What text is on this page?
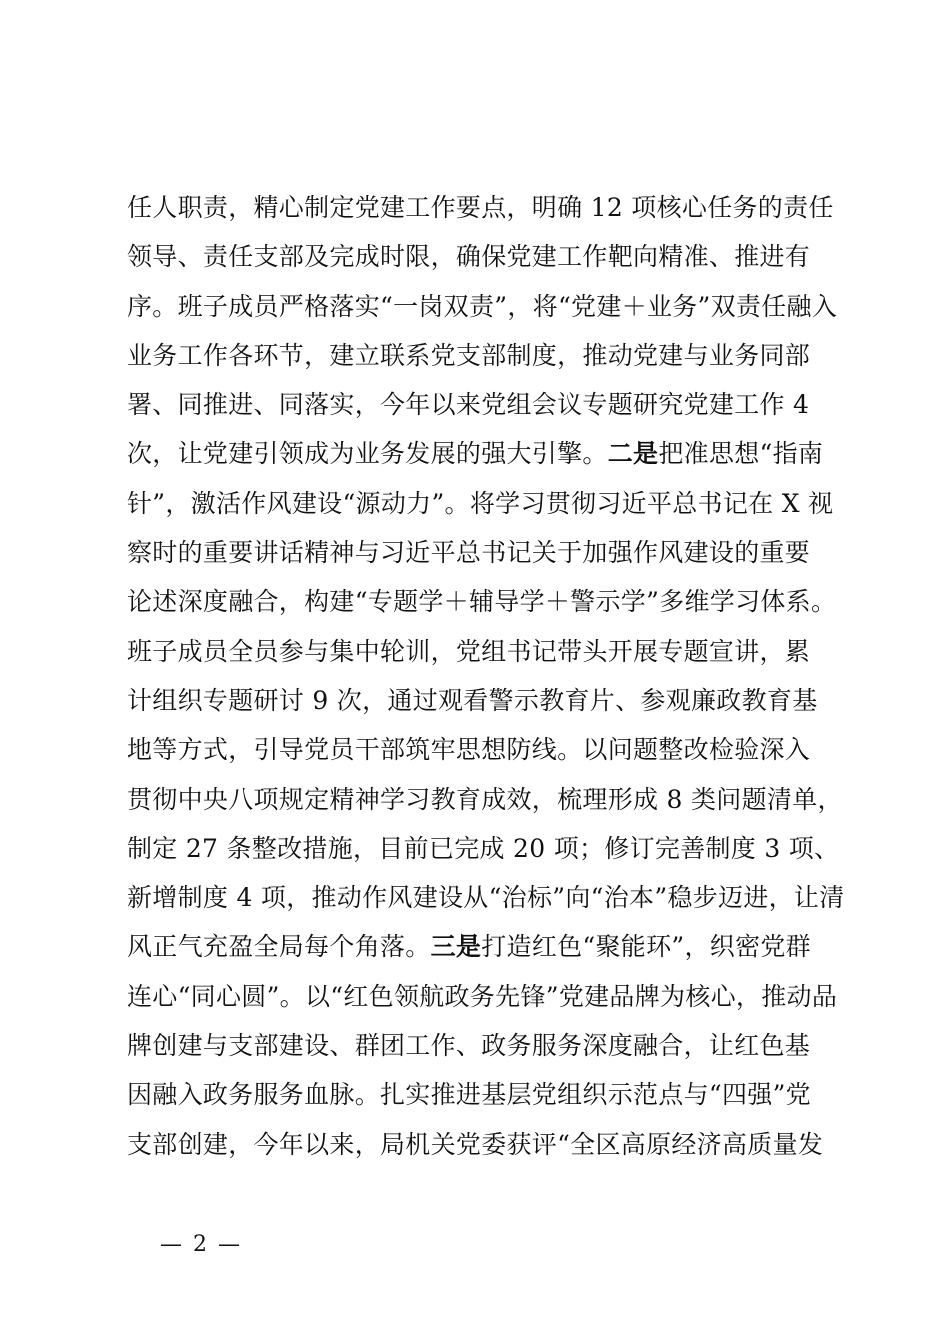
任人职责，精心制定党建工作要点，明确 12 项核心任务的责任
领导、责任支部及完成时限，确保党建工作靶向精准、推进有
序。班子成员严格落实“一岗双责”，将“党建＋业务”双责任融入
业务工作各环节，建立联系党支部制度，推动党建与业务同部
署、同推进、同落实，今年以来党组会议专题研究党建工作 4
次，让党建引领成为业务发展的强大引擎。二是把准思想“指南
针”，激活作风建设“源动力”。将学习贯彻习近平总书记在 X 视
察时的重要讲话精神与习近平总书记关于加强作风建设的重要
论述深度融合，构建“专题学＋辅导学＋警示学”多维学习体系。
班子成员全员参与集中轮训，党组书记带头开展专题宣讲，累
计组织专题研讨 9 次，通过观看警示教育片、参观廉政教育基
地等方式，引导党员干部筑牢思想防线。以问题整改检验深入
贯彻中央八项规定精神学习教育成效，梳理形成 8 类问题清单，
制定 27 条整改措施，目前已完成 20 项；修订完善制度 3 项、
新增制度 4 项，推动作风建设从“治标”向“治本”稳步迈进，让清
风正气充盈全局每个角落。三是打造红色“聚能环”，织密党群
连心“同心圆”。以“红色领航政务先锋”党建品牌为核心，推动品
牌创建与支部建设、群团工作、政务服务深度融合，让红色基
因融入政务服务血脉。扎实推进基层党组织示范点与“四强”党
支部创建，今年以来，局机关党委获评“全区高原经济高质量发
— 2 —
